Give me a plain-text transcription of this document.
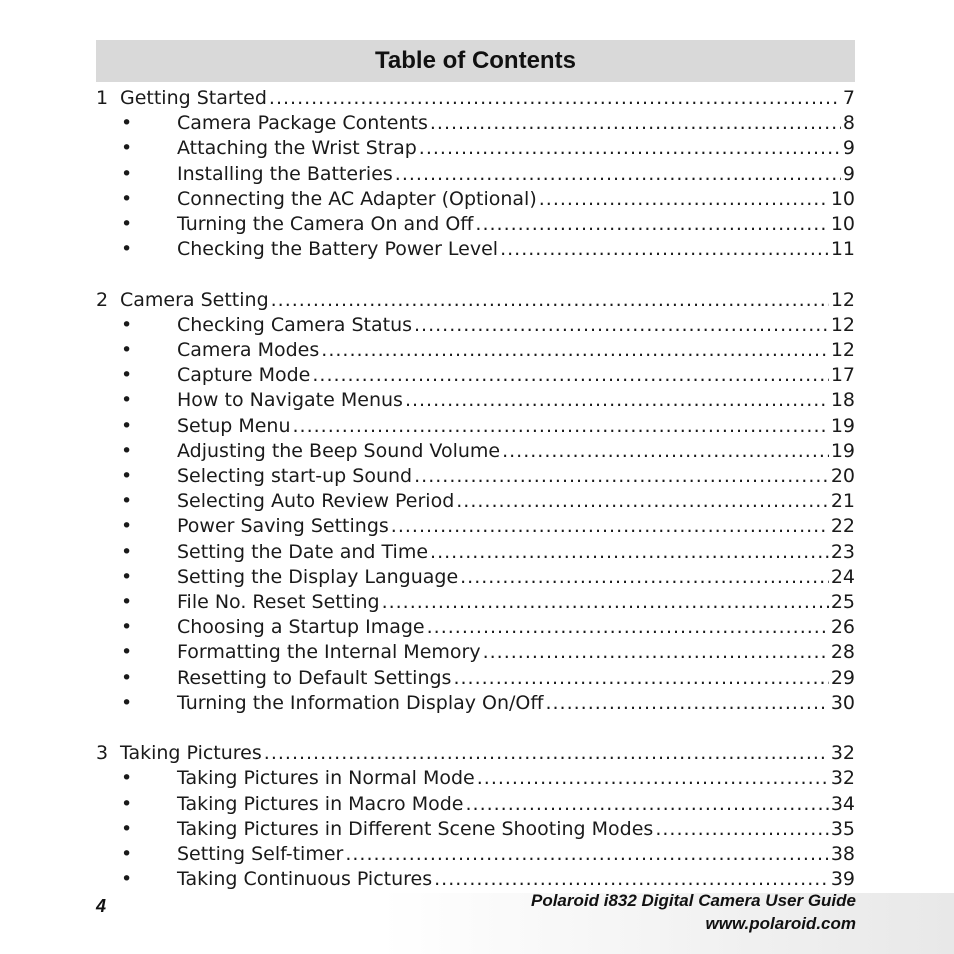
Table of Contents
1 Getting Started .....	7
•	Camera Package Contents .....	8
•	Attaching the Wrist Strap .....	9
•	Installing the Batteries .....	9
•	Connecting the AC Adapter (Optional) .....	10
•	Turning the Camera On and Off .....	10
•	Checking the Battery Power Level .....	11
2 Camera Setting .....	12
•	Checking Camera Status .....	12
•	Camera Modes .....	12
•	Capture Mode .....	17
•	How to Navigate Menus .....	18
•	Setup Menu .....	19
•	Adjusting the Beep Sound Volume .....	19
•	Selecting start-up Sound .....	20
•	Selecting Auto Review Period .....	21
•	Power Saving Settings .....	22
•	Setting the Date and Time .....	23
•	Setting the Display Language .....	24
•	File No. Reset Setting .....	25
•	Choosing a Startup Image .....	26
•	Formatting the Internal Memory .....	28
•	Resetting to Default Settings .....	29
•	Turning the Information Display On/Off .....	30
3 Taking Pictures .....	32
•	Taking Pictures in Normal Mode .....	32
•	Taking Pictures in Macro Mode .....	34
•	Taking Pictures in Different Scene Shooting Modes .....	35
•	Setting Self-timer .....	38
•	Taking Continuous Pictures .....	39
4	Polaroid i832 Digital Camera User Guide
www.polaroid.com
